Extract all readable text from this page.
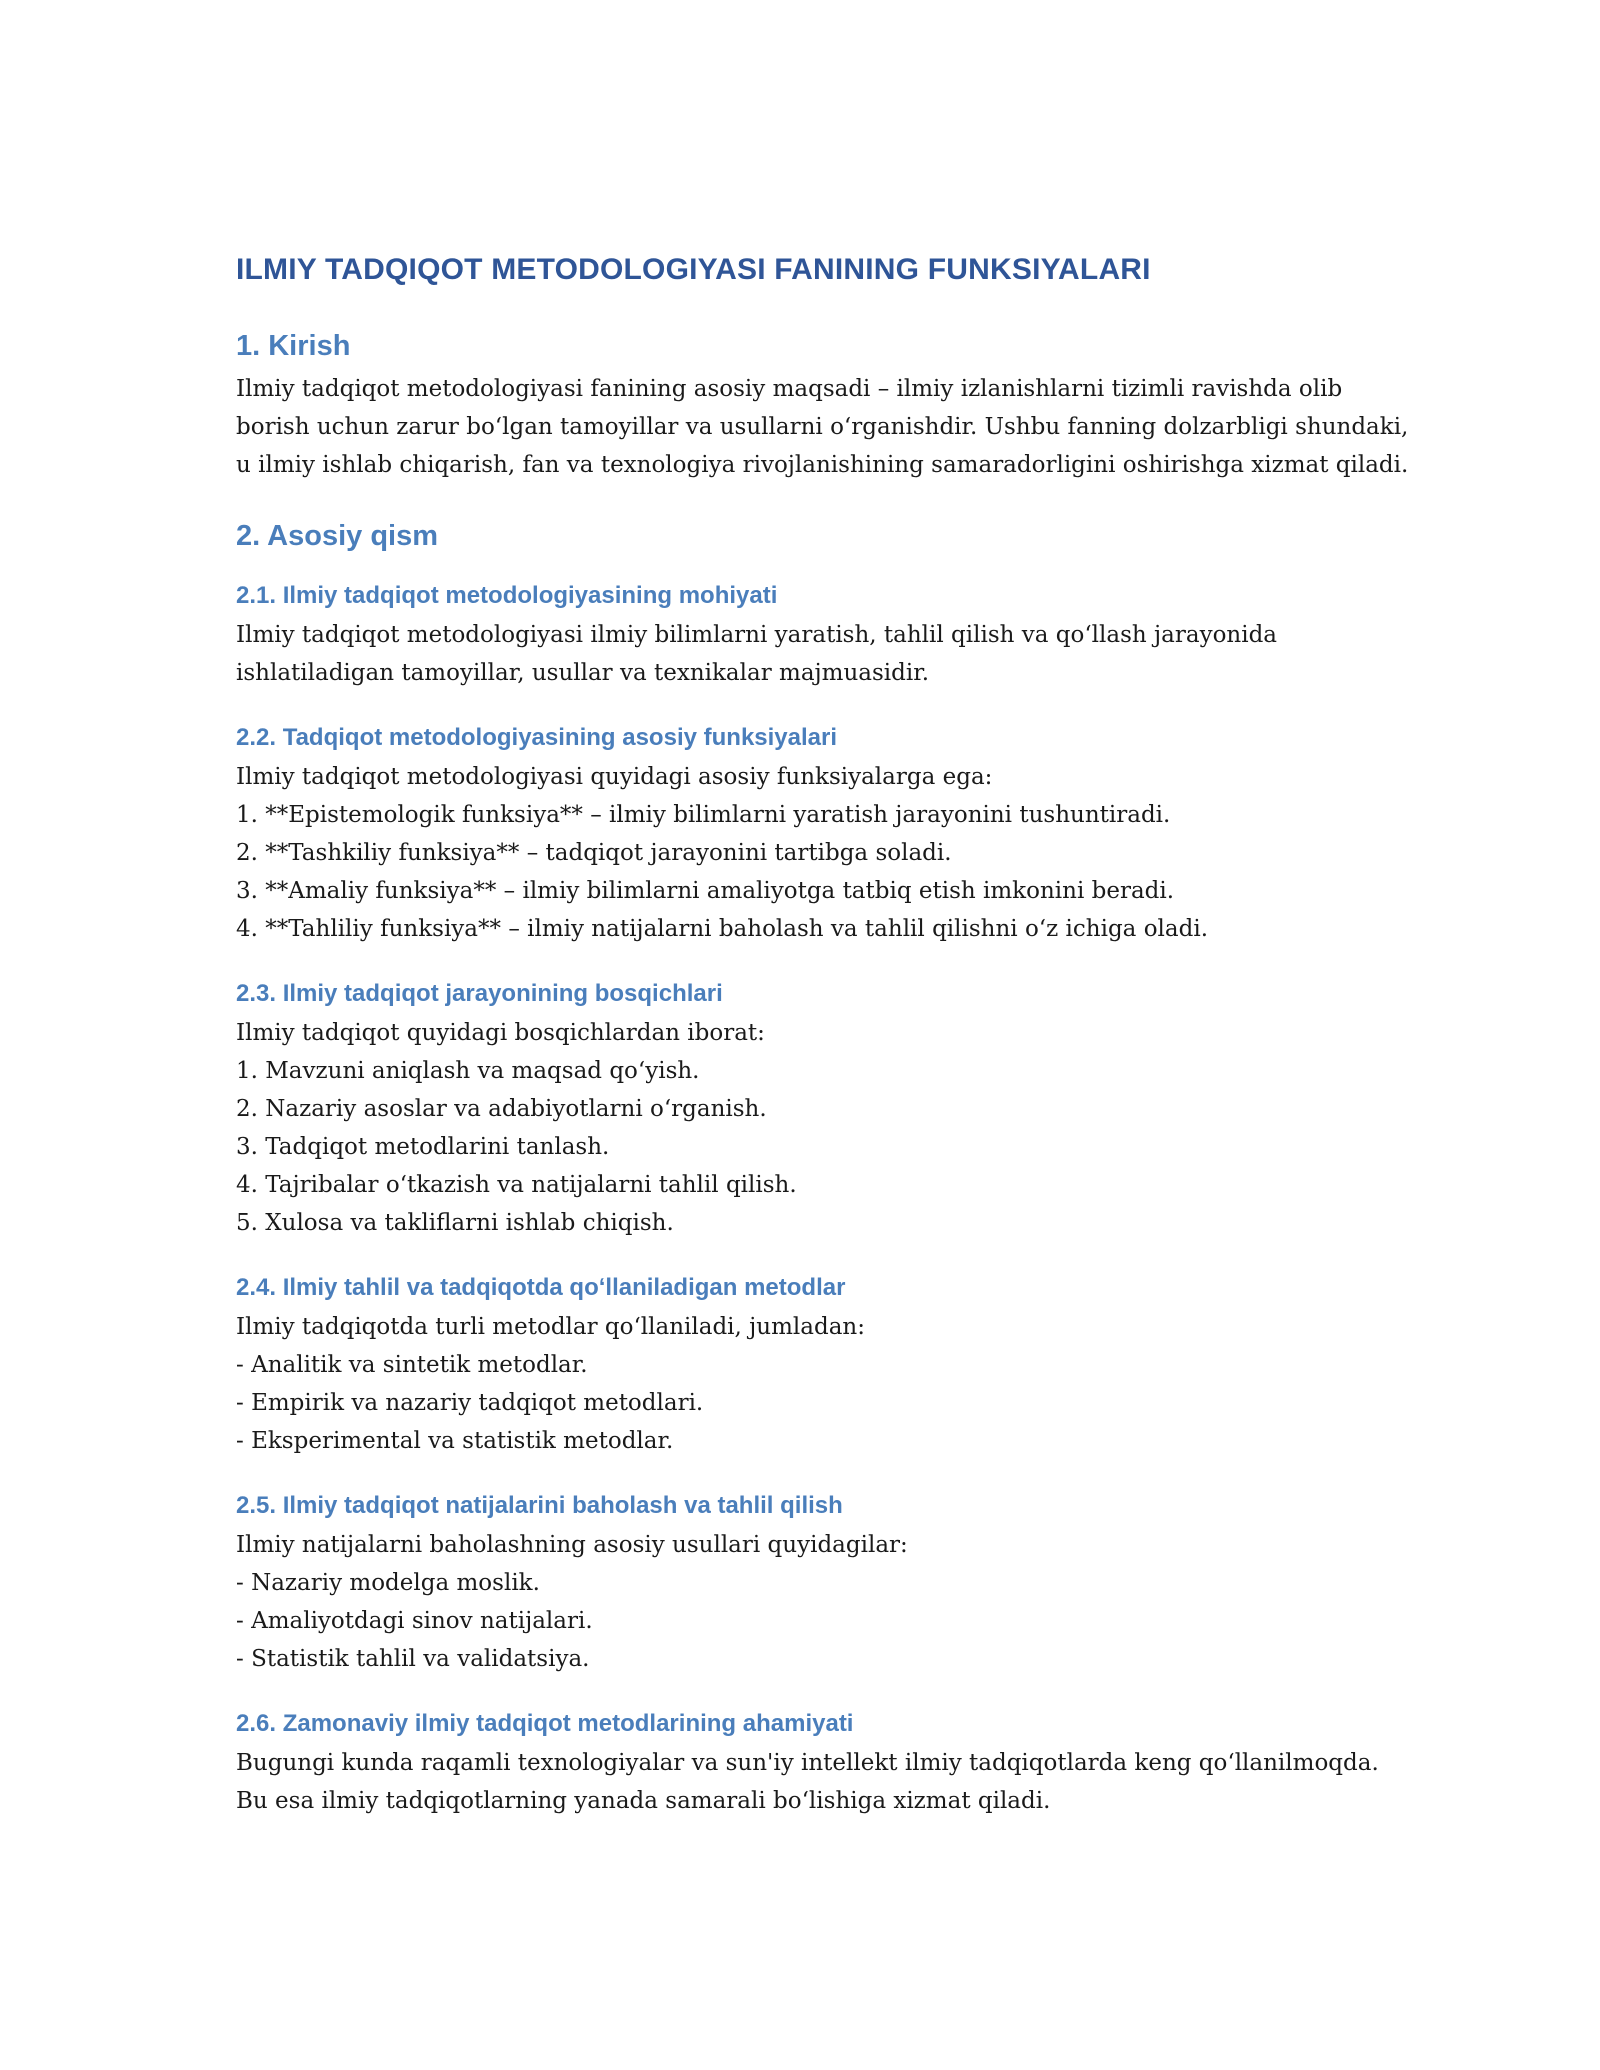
ILMIY TADQIQOT METODOLOGIYASI FANINING FUNKSIYALARI
1. Kirish

Ilmiy tadqiqot metodologiyasi fanining asosiy maqsadi – ilmiy izlanishlarni tizimli ravishda olib borish uchun zarur boʻlgan tamoyillar va usullarni oʻrganishdir. Ushbu fanning dolzarbligi shundaki, u ilmiy ishlab chiqarish, fan va texnologiya rivojlanishining samaradorligini oshirishga xizmat qiladi.

2. Asosiy qism
2.1. Ilmiy tadqiqot metodologiyasining mohiyati

Ilmiy tadqiqot metodologiyasi ilmiy bilimlarni yaratish, tahlil qilish va qoʻllash jarayonida ishlatiladigan tamoyillar, usullar va texnikalar majmuasidir.

2.2. Tadqiqot metodologiyasining asosiy funksiyalari

Ilmiy tadqiqot metodologiyasi quyidagi asosiy funksiyalarga ega:

1. **Epistemologik funksiya** – ilmiy bilimlarni yaratish jarayonini tushuntiradi.

2. **Tashkiliy funksiya** – tadqiqot jarayonini tartibga soladi.

3. **Amaliy funksiya** – ilmiy bilimlarni amaliyotga tatbiq etish imkonini beradi.

4. **Tahliliy funksiya** – ilmiy natijalarni baholash va tahlil qilishni oʻz ichiga oladi.

2.3. Ilmiy tadqiqot jarayonining bosqichlari

Ilmiy tadqiqot quyidagi bosqichlardan iborat:

1. Mavzuni aniqlash va maqsad qoʻyish.

2. Nazariy asoslar va adabiyotlarni oʻrganish.

3. Tadqiqot metodlarini tanlash.

4. Tajribalar oʻtkazish va natijalarni tahlil qilish.

5. Xulosa va takliflarni ishlab chiqish.

2.4. Ilmiy tahlil va tadqiqotda qoʻllaniladigan metodlar

Ilmiy tadqiqotda turli metodlar qoʻllaniladi, jumladan:

- Analitik va sintetik metodlar.

- Empirik va nazariy tadqiqot metodlari.

- Eksperimental va statistik metodlar.

2.5. Ilmiy tadqiqot natijalarini baholash va tahlil qilish

Ilmiy natijalarni baholashning asosiy usullari quyidagilar:

- Nazariy modelga moslik.

- Amaliyotdagi sinov natijalari.

- Statistik tahlil va validatsiya.

2.6. Zamonaviy ilmiy tadqiqot metodlarining ahamiyati

Bugungi kunda raqamli texnologiyalar va sun'iy intellekt ilmiy tadqiqotlarda keng qoʻllanilmoqda. Bu esa ilmiy tadqiqotlarning yanada samarali boʻlishiga xizmat qiladi.
